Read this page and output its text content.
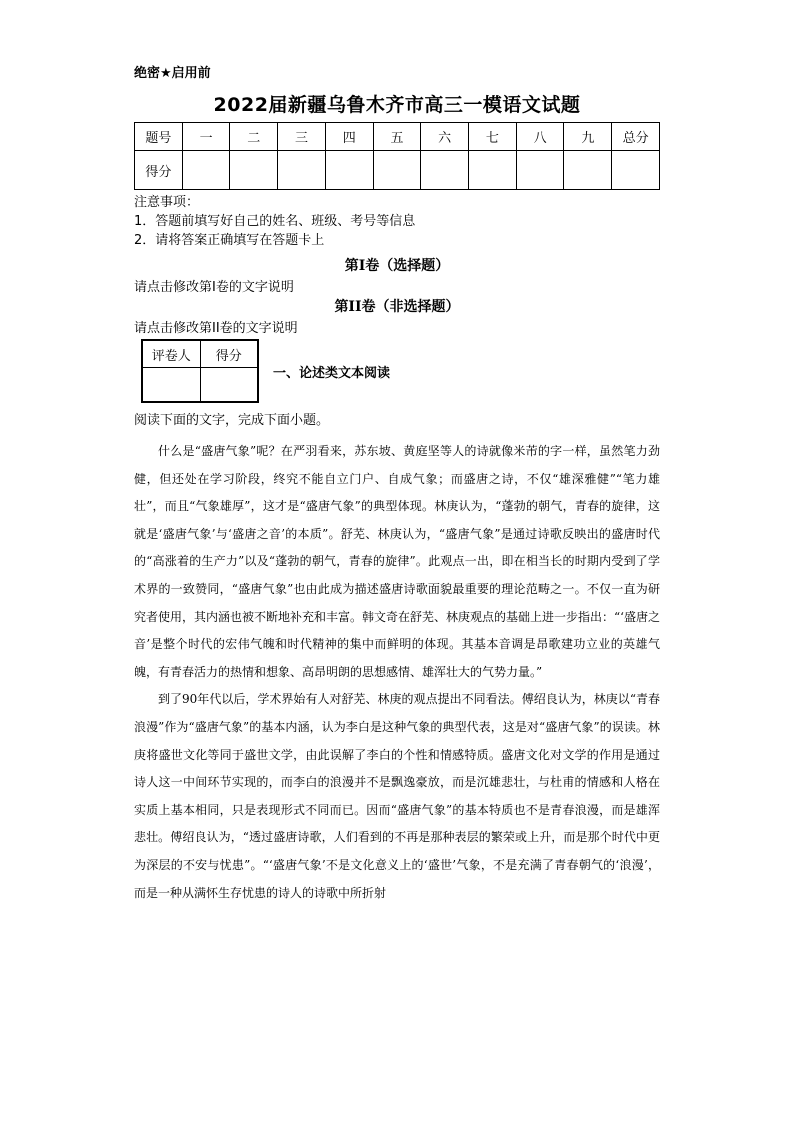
绝密★启用前
2022届新疆乌鲁木齐市高三一模语文试题
题号	一	二	三	四	五	六	七	八	九	总分
得分										
注意事项：
1．答题前填写好自己的姓名、班级、考号等信息
2．请将答案正确填写在答题卡上
第I卷（选择题）
请点击修改第I卷的文字说明
第II卷（非选择题）
请点击修改第II卷的文字说明
评卷人	得分

一、论述类文本阅读
阅读下面的文字，完成下面小题。

什么是“盛唐气象”呢？在严羽看来，苏东坡、黄庭坚等人的诗就像米芾的字一样，虽然笔力劲健，但还处在学习阶段，终究不能自立门户、自成气象；而盛唐之诗，不仅“雄深雅健”“笔力雄壮”，而且“气象雄厚”，这才是“盛唐气象”的典型体现。林庚认为，“蓬勃的朝气，青春的旋律，这就是‘盛唐气象’与‘盛唐之音’的本质”。舒芜、林庚认为，“盛唐气象”是通过诗歌反映出的盛唐时代的“高涨着的生产力”以及“蓬勃的朝气，青春的旋律”。此观点一出，即在相当长的时期内受到了学术界的一致赞同，“盛唐气象”也由此成为描述盛唐诗歌面貌最重要的理论范畴之一。不仅一直为研究者使用，其内涵也被不断地补充和丰富。韩文奇在舒芜、林庚观点的基础上进一步指出：“‘盛唐之音’是整个时代的宏伟气魄和时代精神的集中而鲜明的体现。其基本音调是昂歌建功立业的英雄气魄，有青春活力的热情和想象、高昂明朗的思想感情、雄浑壮大的气势力量。”

到了90年代以后，学术界始有人对舒芜、林庚的观点提出不同看法。傅绍良认为，林庚以“青春浪漫”作为“盛唐气象”的基本内涵，认为李白是这种气象的典型代表，这是对“盛唐气象”的误读。林庚将盛世文化等同于盛世文学，由此误解了李白的个性和情感特质。盛唐文化对文学的作用是通过诗人这一中间环节实现的，而李白的浪漫并不是飘逸豪放，而是沉雄悲壮，与杜甫的情感和人格在实质上基本相同，只是表现形式不同而已。因而“盛唐气象”的基本特质也不是青春浪漫，而是雄浑悲壮。傅绍良认为，“透过盛唐诗歌，人们看到的不再是那种表层的繁荣或上升，而是那个时代中更为深层的不安与忧患”。“‘盛唐气象’不是文化意义上的‘盛世’气象，不是充满了青春朝气的‘浪漫’，而是一种从满怀生存忧患的诗人的诗歌中所折射
